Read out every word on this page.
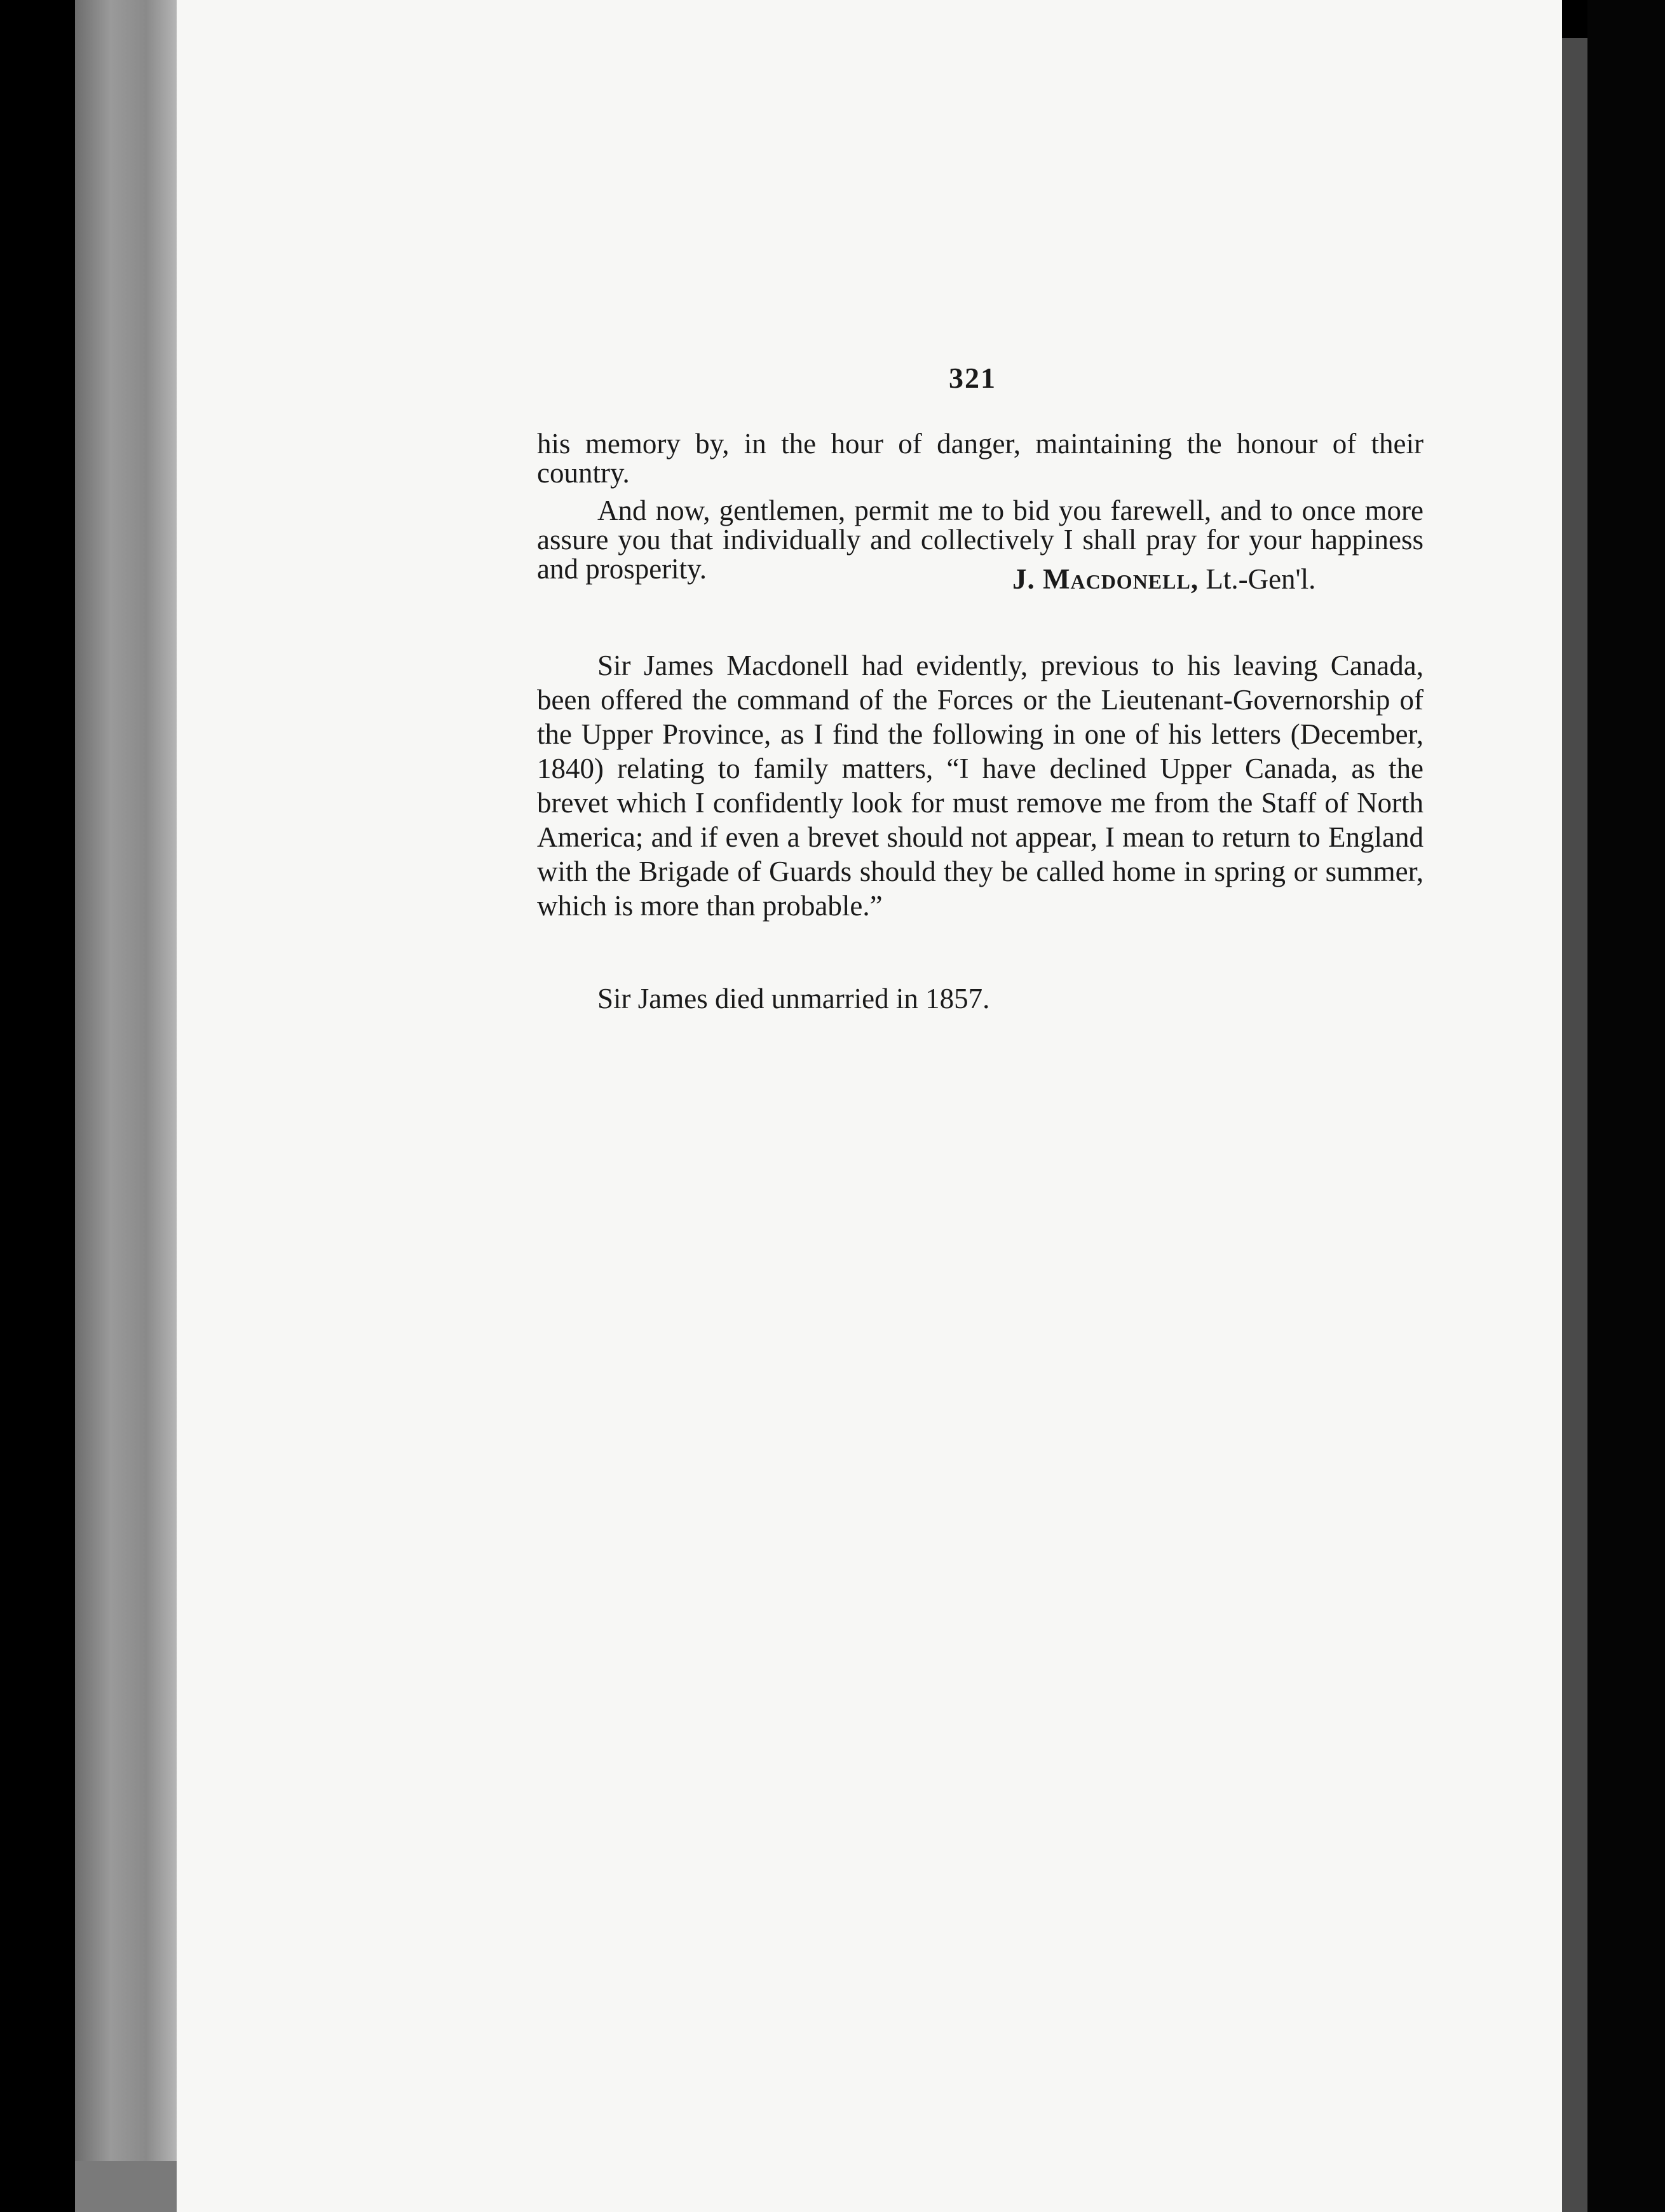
321

his memory by, in the hour of danger, maintaining the honour of their country.

And now, gentlemen, permit me to bid you farewell, and to once more assure you that individually and collectively I shall pray for your happiness and prosperity.	J. Macdonell, Lt.-Gen'l.

Sir James Macdonell had evidently, previous to his leaving Canada, been offered the command of the Forces or the Lieutenant-Governorship of the Upper Province, as I find the following in one of his letters (December, 1840) relating to family matters, “I have declined Upper Canada, as the brevet which I confidently look for must remove me from the Staff of North America; and if even a brevet should not appear, I mean to return to England with the Brigade of Guards should they be called home in spring or summer, which is more than probable.”

Sir James died unmarried in 1857.
